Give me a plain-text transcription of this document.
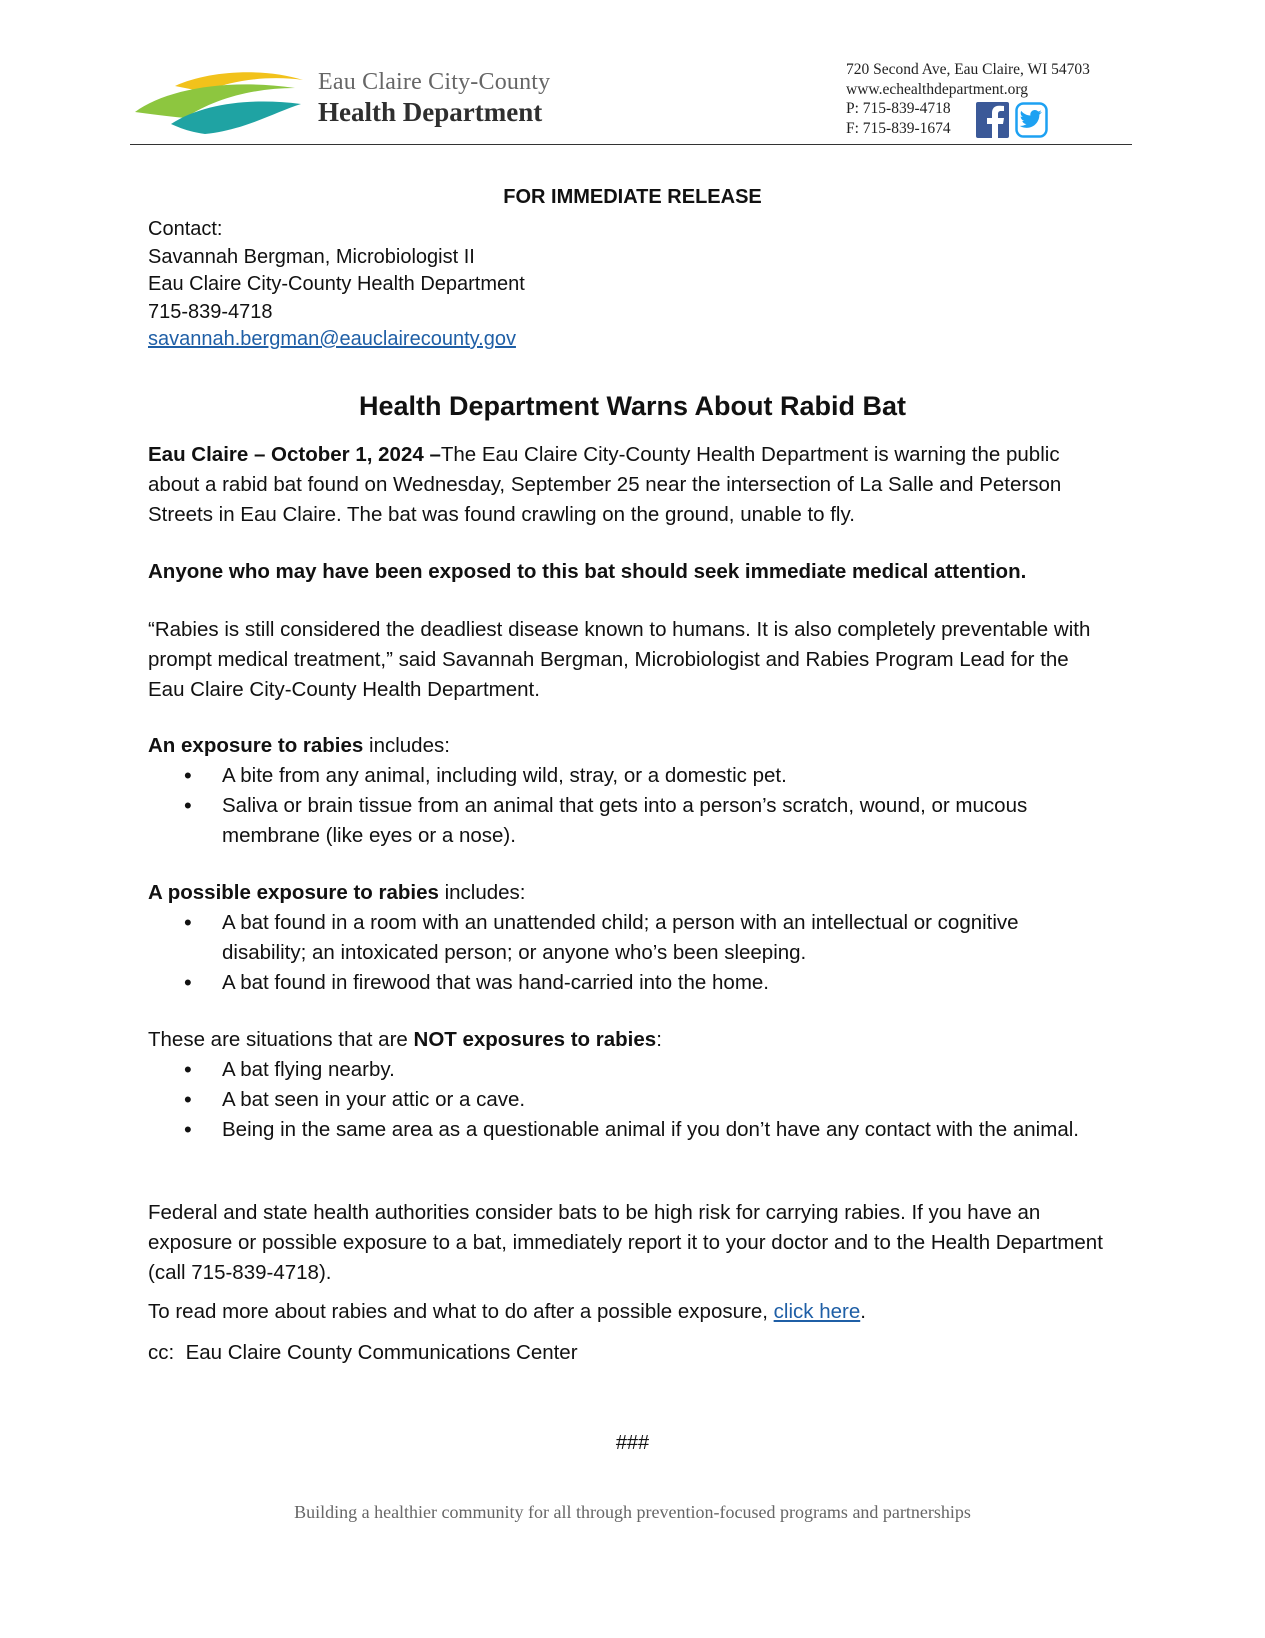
Eau Claire City-County
Health Department
720 Second Ave, Eau Claire, WI 54703
www.echealthdepartment.org
P: 715-839-4718
F: 715-839-1674
FOR IMMEDIATE RELEASE
Contact:
Savannah Bergman, Microbiologist II
Eau Claire City-County Health Department
715-839-4718
savannah.bergman@eauclairecounty.gov
Health Department Warns About Rabid Bat

Eau Claire – October 1, 2024 –The Eau Claire City-County Health Department is warning the public about a rabid bat found on Wednesday, September 25 near the intersection of La Salle and Peterson Streets in Eau Claire. The bat was found crawling on the ground, unable to fly.

Anyone who may have been exposed to this bat should seek immediate medical attention.

“Rabies is still considered the deadliest disease known to humans. It is also completely preventable with prompt medical treatment,” said Savannah Bergman, Microbiologist and Rabies Program Lead for the Eau Claire City-County Health Department.

An exposure to rabies includes:

• A bite from any animal, including wild, stray, or a domestic pet.
• Saliva or brain tissue from an animal that gets into a person’s scratch, wound, or mucous membrane (like eyes or a nose).

A possible exposure to rabies includes:

• A bat found in a room with an unattended child; a person with an intellectual or cognitive disability; an intoxicated person; or anyone who’s been sleeping.
• A bat found in firewood that was hand-carried into the home.

These are situations that are NOT exposures to rabies:

• A bat flying nearby.
• A bat seen in your attic or a cave.
• Being in the same area as a questionable animal if you don’t have any contact with the animal.

Federal and state health authorities consider bats to be high risk for carrying rabies. If you have an exposure or possible exposure to a bat, immediately report it to your doctor and to the Health Department (call 715-839-4718).

To read more about rabies and what to do after a possible exposure, click here.

cc:  Eau Claire County Communications Center
###
Building a healthier community for all through prevention-focused programs and partnerships
